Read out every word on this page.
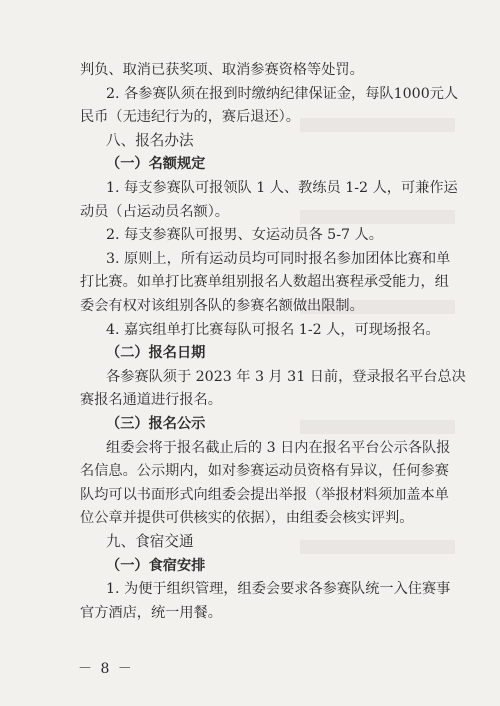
判负、取消已获奖项、取消参赛资格等处罚。
2. 各参赛队须在报到时缴纳纪律保证金，每队1000元人
民币（无违纪行为的，赛后退还）。
八、报名办法
（一）名额规定
1. 每支参赛队可报领队 1 人、教练员 1-2 人，可兼作运
动员（占运动员名额）。
2. 每支参赛队可报男、女运动员各 5-7 人。
3. 原则上，所有运动员均可同时报名参加团体比赛和单
打比赛。如单打比赛单组别报名人数超出赛程承受能力，组
委会有权对该组别各队的参赛名额做出限制。
4. 嘉宾组单打比赛每队可报名 1-2 人，可现场报名。
（二）报名日期
各参赛队须于 2023 年 3 月 31 日前，登录报名平台总决
赛报名通道进行报名。
（三）报名公示
组委会将于报名截止后的 3 日内在报名平台公示各队报
名信息。公示期内，如对参赛运动员资格有异议，任何参赛
队均可以书面形式向组委会提出举报（举报材料须加盖本单
位公章并提供可供核实的依据），由组委会核实评判。
九、食宿交通
（一）食宿安排
1. 为便于组织管理，组委会要求各参赛队统一入住赛事
官方酒店，统一用餐。
－ 8 －
